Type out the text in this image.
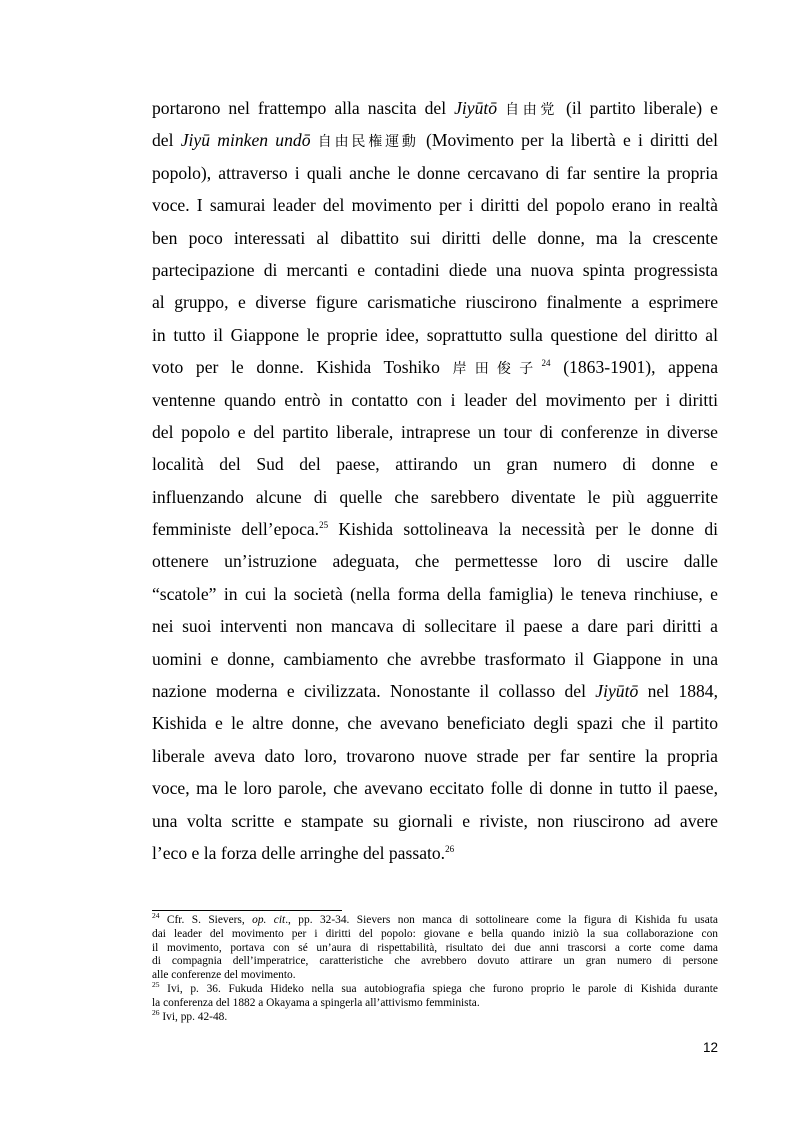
portarono nel frattempo alla nascita del Jiyūtō 自由党 (il partito liberale) e
del Jiyū minken undō 自由民権運動 (Movimento per la libertà e i diritti del
popolo), attraverso i quali anche le donne cercavano di far sentire la propria
voce. I samurai leader del movimento per i diritti del popolo erano in realtà
ben poco interessati al dibattito sui diritti delle donne, ma la crescente
partecipazione di mercanti e contadini diede una nuova spinta progressista
al gruppo, e diverse figure carismatiche riuscirono finalmente a esprimere
in tutto il Giappone le proprie idee, soprattutto sulla questione del diritto al
voto per le donne. Kishida Toshiko 岸田俊子$^{24}$ (1863-1901), appena
ventenne quando entrò in contatto con i leader del movimento per i diritti
del popolo e del partito liberale, intraprese un tour di conferenze in diverse
località del Sud del paese, attirando un gran numero di donne e
influenzando alcune di quelle che sarebbero diventate le più agguerrite
femministe dell’epoca.$^{25}$ Kishida sottolineava la necessità per le donne di
ottenere un’istruzione adeguata, che permettesse loro di uscire dalle
“scatole” in cui la società (nella forma della famiglia) le teneva rinchiuse, e
nei suoi interventi non mancava di sollecitare il paese a dare pari diritti a
uomini e donne, cambiamento che avrebbe trasformato il Giappone in una
nazione moderna e civilizzata. Nonostante il collasso del Jiyūtō nel 1884,
Kishida e le altre donne, che avevano beneficiato degli spazi che il partito
liberale aveva dato loro, trovarono nuove strade per far sentire la propria
voce, ma le loro parole, che avevano eccitato folle di donne in tutto il paese,
una volta scritte e stampate su giornali e riviste, non riuscirono ad avere
l’eco e la forza delle arringhe del passato.$^{26}$
$^{24}$ Cfr. S. Sievers, op. cit., pp. 32-34. Sievers non manca di sottolineare come la figura di Kishida fu usata
dai leader del movimento per i diritti del popolo: giovane e bella quando iniziò la sua collaborazione con
il movimento, portava con sé un’aura di rispettabilità, risultato dei due anni trascorsi a corte come dama
di compagnia dell’imperatrice, caratteristiche che avrebbero dovuto attirare un gran numero di persone
alle conferenze del movimento.
$^{25}$ Ivi, p. 36. Fukuda Hideko nella sua autobiografia spiega che furono proprio le parole di Kishida durante
la conferenza del 1882 a Okayama a spingerla all’attivismo femminista.
$^{26}$ Ivi, pp. 42-48.
12
